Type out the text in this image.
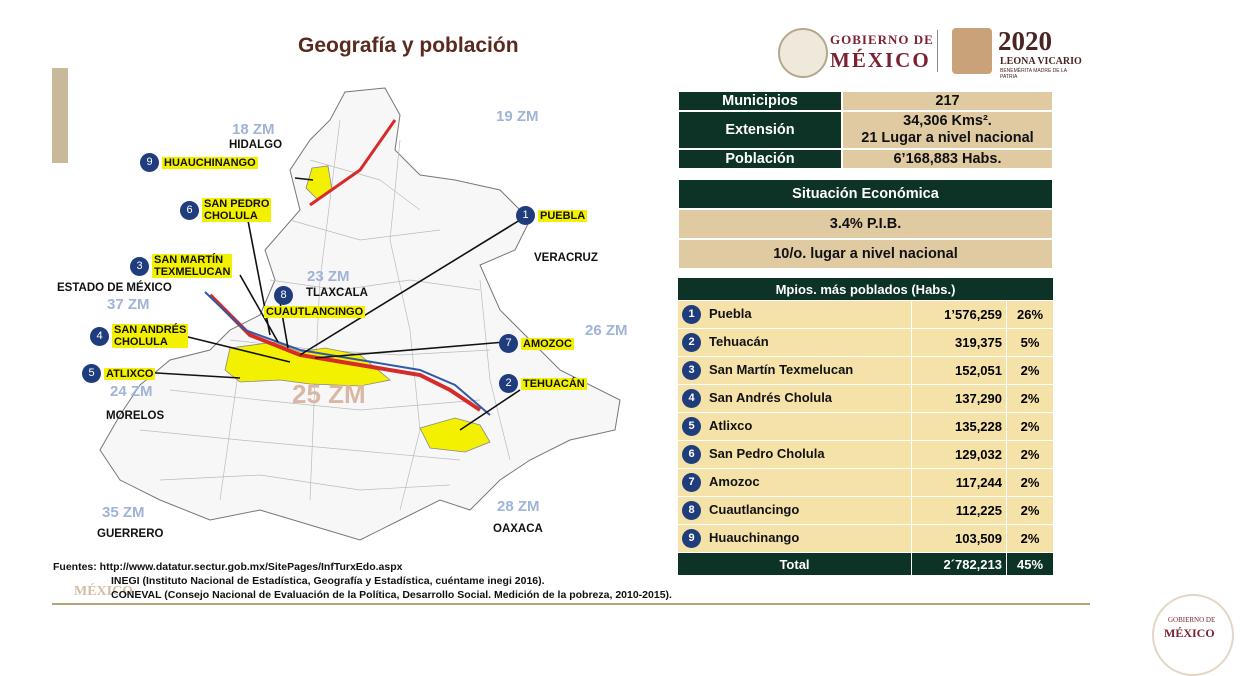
Geografía y población	GOBIERNO DE
MÉXICO
2020
LEONA VICARIO
BENEMÉRITA MADRE DE LA PATRIA
Municipios	217
Extensión	34,306 Kms².
21 Lugar a nivel nacional

Población	6’168,883 Habs.
Situación Económica
3.4% P.I.B.
10/o. lugar a nivel nacional
Mpios. más poblados (Habs.)		
1 Puebla	1’576,259	26%
2 Tehuacán	319,375	5%
3 San Martín Texmelucan	152,051	2%
4 San Andrés Cholula	137,290	2%
5 Atlixco	135,228	2%
6 San Pedro Cholula	129,032	2%
7 Amozoc	117,244	2%
8 Cuautlancingo	112,225	2%
9 Huauchinango	103,509	2%
Total	2´782,213	45%
HIDALGO
VERACRUZ
TLAXCALA
ESTADO DE MÉXICO
MORELOS
GUERRERO	OAXACA
18 ZM
19 ZM
23 ZM
37 ZM
26 ZM
24 ZM	25 ZM
28 ZM
35 ZM
1	PUEBLA
2	TEHUACÁN
3	SAN MARTÍN
TEXMELUCAN
4	SAN ANDRÉS
CHOLULA
5	ATLIXCO
6	SAN PEDRO
CHOLULA
7	AMOZOC
8
CUAUTLANCINGO
9	HUAUCHINANGO
MÉXICO
Fuentes: http://www.datatur.sectur.gob.mx/SitePages/InfTurxEdo.aspx
INEGI (Instituto Nacional de Estadística, Geografía y Estadística, cuéntame inegi 2016).
CONEVAL (Consejo Nacional de Evaluación de la Política, Desarrollo Social. Medición de la pobreza, 2010-2015).
GOBIERNO DE
MÉXICO
